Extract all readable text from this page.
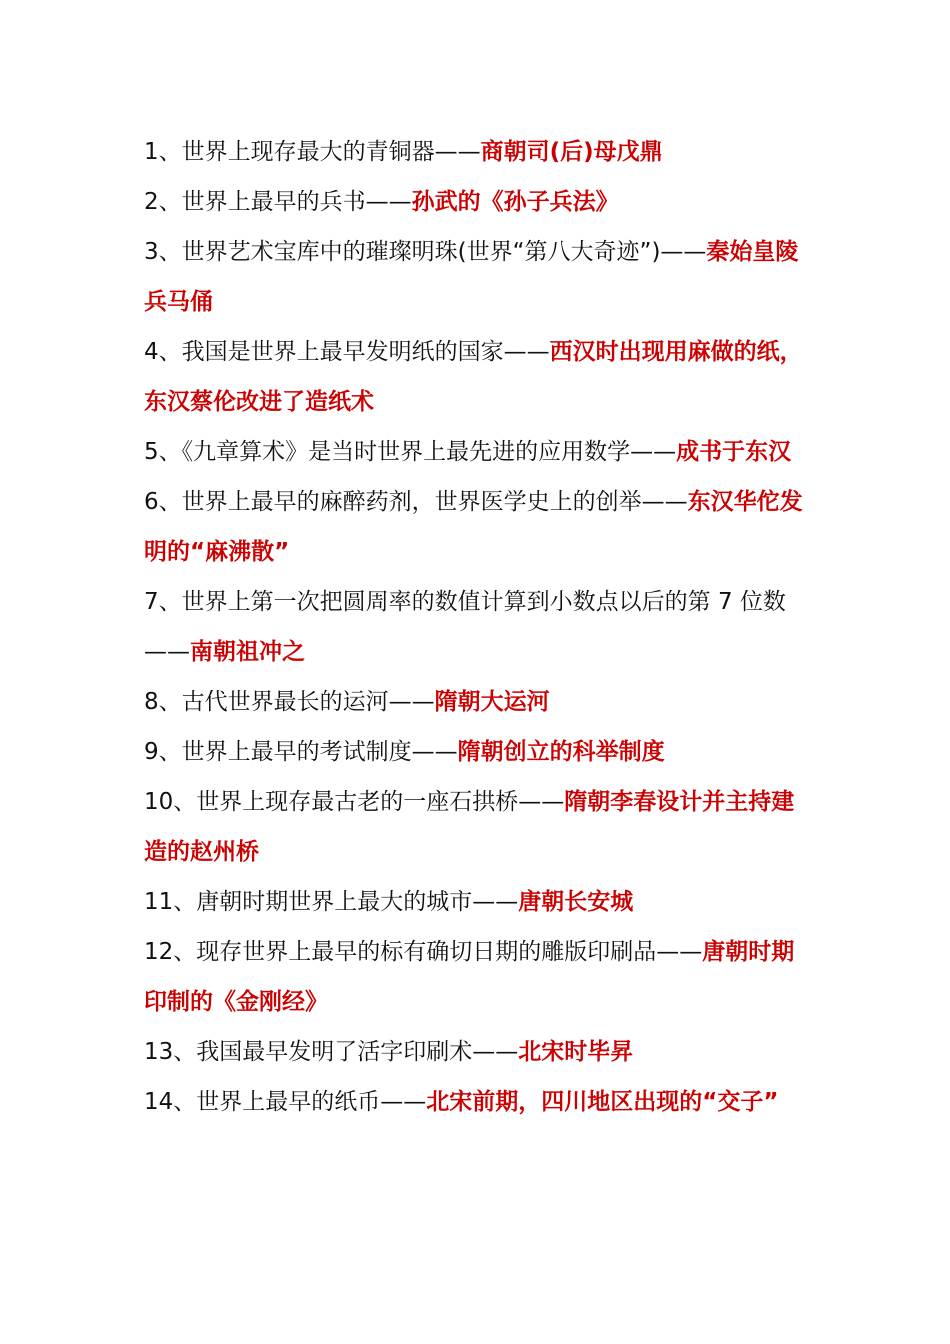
1、世界上现存最大的青铜器——商朝司(后)母戊鼎

2、世界上最早的兵书——孙武的《孙子兵法》

3、世界艺术宝库中的璀璨明珠(世界“第八大奇迹”)——秦始皇陵兵马俑

4、我国是世界上最早发明纸的国家——西汉时出现用麻做的纸，东汉蔡伦改进了造纸术

5、《九章算术》是当时世界上最先进的应用数学——成书于东汉

6、世界上最早的麻醉药剂，世界医学史上的创举——东汉华佗发明的“麻沸散”

7、世界上第一次把圆周率的数值计算到小数点以后的第 7 位数——南朝祖冲之

8、古代世界最长的运河——隋朝大运河

9、世界上最早的考试制度——隋朝创立的科举制度

10、世界上现存最古老的一座石拱桥——隋朝李春设计并主持建造的赵州桥

11、唐朝时期世界上最大的城市——唐朝长安城

12、现存世界上最早的标有确切日期的雕版印刷品——唐朝时期印制的《金刚经》

13、我国最早发明了活字印刷术——北宋时毕昇

14、世界上最早的纸币——北宋前期，四川地区出现的“交子”
